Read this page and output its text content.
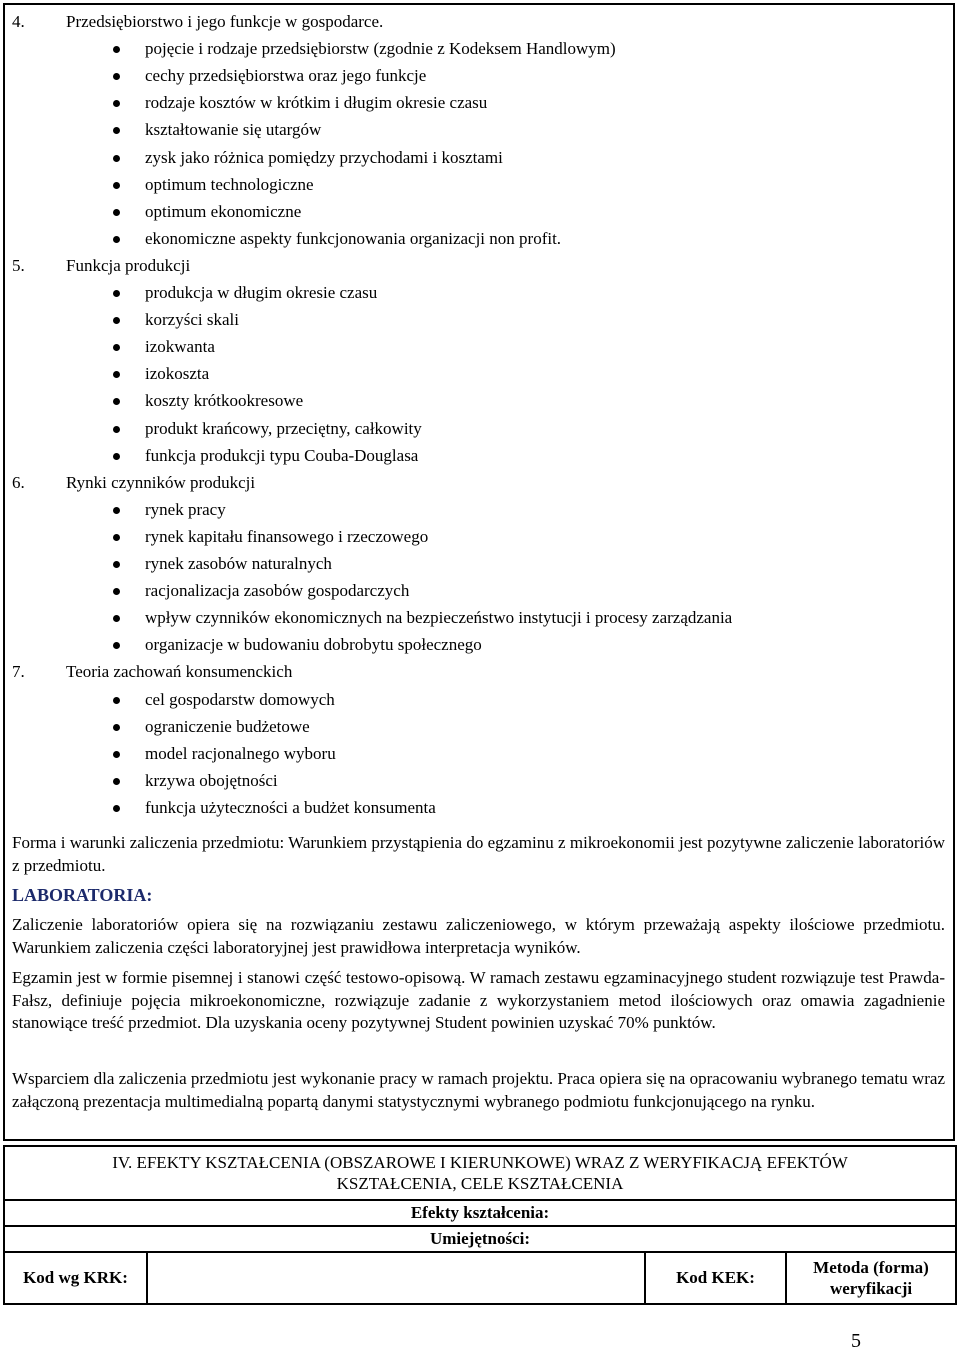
4. Przedsiębiorstwo i jego funkcje w gospodarce.
pojęcie i rodzaje przedsiębiorstw (zgodnie z Kodeksem Handlowym)
cechy przedsiębiorstwa oraz jego funkcje
rodzaje kosztów w krótkim i długim okresie czasu
kształtowanie się utargów
zysk jako różnica pomiędzy przychodami i kosztami
optimum technologiczne
optimum ekonomiczne
ekonomiczne aspekty funkcjonowania organizacji non profit.
5. Funkcja produkcji
produkcja w długim okresie czasu
korzyści skali
izokwanta
izokoszta
koszty krótkookresowe
produkt krańcowy, przeciętny, całkowity
funkcja produkcji typu Couba-Douglasa
6. Rynki czynników produkcji
rynek pracy
rynek kapitału finansowego i rzeczowego
rynek zasobów naturalnych
racjonalizacja zasobów gospodarczych
wpływ czynników ekonomicznych na bezpieczeństwo instytucji i procesy zarządzania
organizacje w budowaniu dobrobytu społecznego
7. Teoria zachowań konsumenckich
cel gospodarstw domowych
ograniczenie budżetowe
model racjonalnego wyboru
krzywa obojętności
funkcja użyteczności a budżet konsumenta

Forma i warunki zaliczenia przedmiotu: Warunkiem przystąpienia do egzaminu z mikroekonomii jest pozytywne zaliczenie laboratoriów z przedmiotu.

LABORATORIA:

Zaliczenie laboratoriów opiera się na rozwiązaniu zestawu zaliczeniowego, w którym przeważają aspekty ilościowe przedmiotu. Warunkiem zaliczenia części laboratoryjnej jest prawidłowa interpretacja wyników.

Egzamin jest w formie pisemnej i stanowi część testowo-opisową. W ramach zestawu egzaminacyjnego student rozwiązuje test Prawda-Fałsz, definiuje pojęcia mikroekonomiczne, rozwiązuje zadanie z wykorzystaniem metod ilościowych oraz omawia zagadnienie stanowiące treść przedmiot. Dla uzyskania oceny pozytywnej Student powinien uzyskać 70% punktów.

Wsparciem dla zaliczenia przedmiotu jest wykonanie pracy w ramach projektu. Praca opiera się na opracowaniu wybranego tematu wraz załączoną prezentacja multimedialną popartą danymi statystycznymi wybranego podmiotu funkcjonującego na rynku.

IV. EFEKTY KSZTAŁCENIA (OBSZAROWE I KIERUNKOWE) WRAZ Z WERYFIKACJĄ EFEKTÓW
KSZTAŁCENIA, CELE KSZTAŁCENIA

Efekty kształcenia:
Umiejętności:
Kod wg KRK:		Kod KEK:	Metoda (forma) weryfikacji
5
